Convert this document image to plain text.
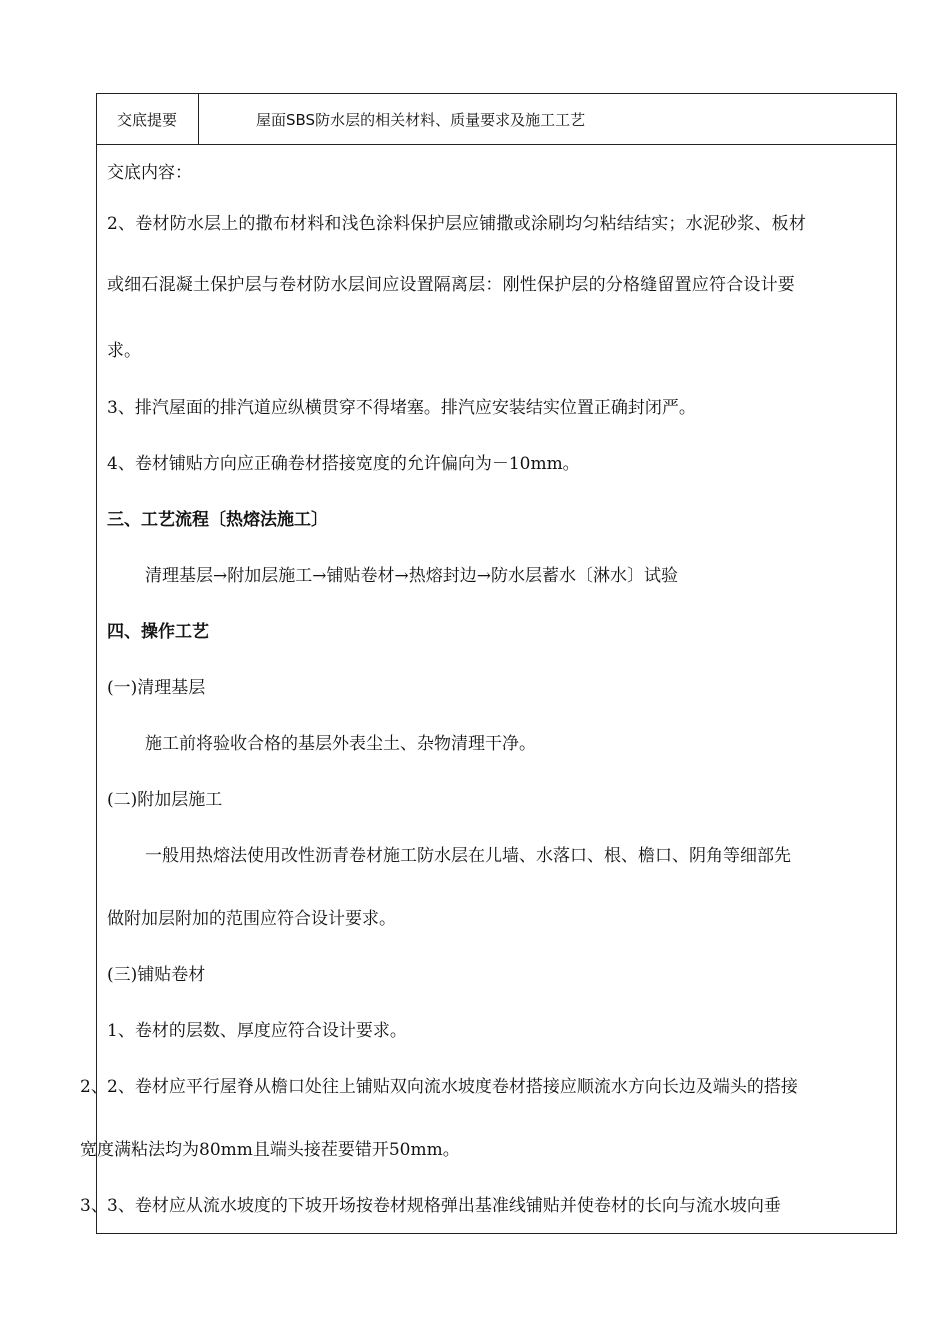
交底提要	屋面SBS防水层的相关材料、质量要求及施工工艺
交底内容：
2、卷材防水层上的撒布材料和浅色涂料保护层应铺撒或涂刷均匀粘结结实；水泥砂浆、板材
或细石混凝土保护层与卷材防水层间应设置隔离层：刚性保护层的分格缝留置应符合设计要
求。
3、排汽屋面的排汽道应纵横贯穿不得堵塞。排汽应安装结实位置正确封闭严。
4、卷材铺贴方向应正确卷材搭接宽度的允许偏向为－10mm。
三、工艺流程〔热熔法施工〕
清理基层→附加层施工→铺贴卷材→热熔封边→防水层蓄水〔淋水〕试验
四、操作工艺
(一)清理基层
施工前将验收合格的基层外表尘土、杂物清理干净。
(二)附加层施工
一般用热熔法使用改性沥青卷材施工防水层在儿墙、水落口、根、檐口、阴角等细部先
做附加层附加的范围应符合设计要求。
(三)铺贴卷材
1、卷材的层数、厚度应符合设计要求。
2、 2、卷材应平行屋脊从檐口处往上铺贴双向流水坡度卷材搭接应顺流水方向长边及端头的搭接
宽度满粘法均为80mm且端头接茬要错开50mm。
3、 3、卷材应从流水坡度的下坡开场按卷材规格弹出基准线铺贴并使卷材的长向与流水坡向垂
